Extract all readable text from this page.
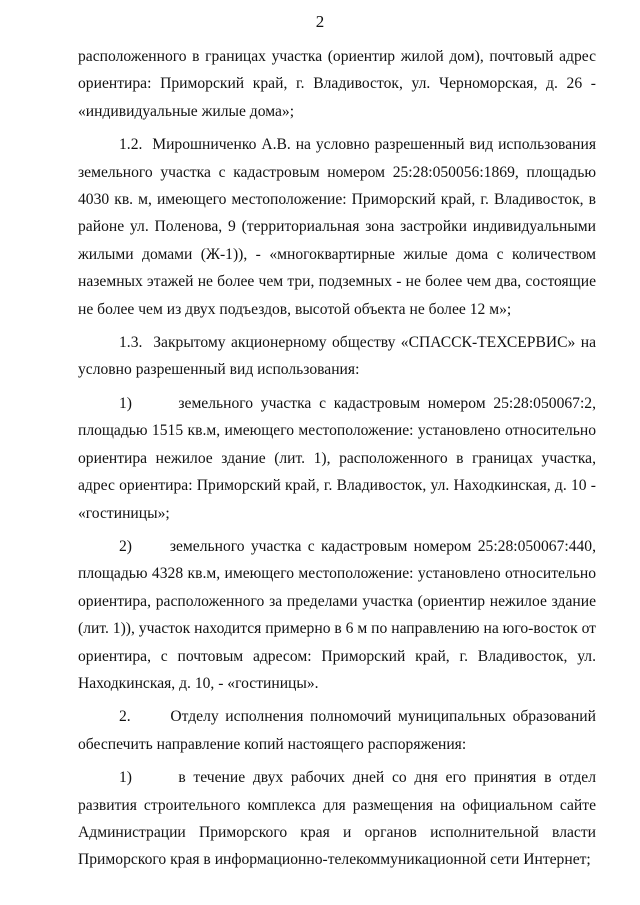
2

расположенного в границах участка (ориентир жилой дом), почтовый адрес ориентира: Приморский край, г. Владивосток, ул. Черноморская, д. 26 - «индивидуальные жилые дома»;

1.2.  Мирошниченко А.В. на условно разрешенный вид использования земельного участка с кадастровым номером 25:28:050056:1869, площадью 4030 кв. м, имеющего местоположение: Приморский край, г. Владивосток, в районе ул. Поленова, 9 (территориальная зона застройки индивидуальными жилыми домами (Ж-1)), - «многоквартирные жилые дома с количеством наземных этажей не более чем три, подземных - не более чем два, состоящие не более чем из двух подъездов, высотой объекта не более 12 м»;

1.3.  Закрытому акционерному обществу «СПАССК-ТЕХСЕРВИС» на условно разрешенный вид использования:

1)      земельного участка с кадастровым номером 25:28:050067:2, площадью 1515 кв.м, имеющего местоположение: установлено относительно ориентира нежилое здание (лит. 1), расположенного в границах участка, адрес ориентира: Приморский край, г. Владивосток, ул. Находкинская, д. 10 - «гостиницы»;

2)      земельного участка с кадастровым номером 25:28:050067:440, площадью 4328 кв.м, имеющего местоположение: установлено относительно ориентира, расположенного за пределами участка (ориентир нежилое здание (лит. 1)), участок находится примерно в 6 м по направлению на юго-восток от ориентира, с почтовым адресом: Приморский край, г. Владивосток, ул. Находкинская, д. 10, - «гостиницы».

2.      Отделу исполнения полномочий муниципальных образований обеспечить направление копий настоящего распоряжения:

1)      в течение двух рабочих дней со дня его принятия в отдел развития строительного комплекса для размещения на официальном сайте Администрации Приморского края и органов исполнительной власти Приморского края в информационно-телекоммуникационной сети Интернет;
